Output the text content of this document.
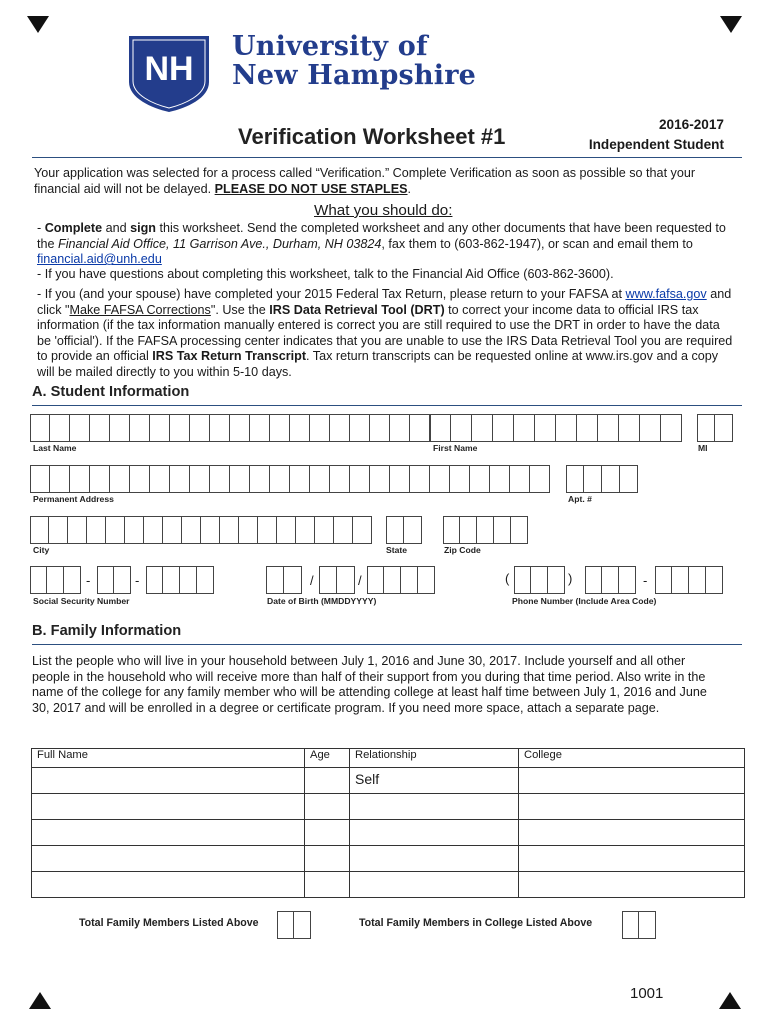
NH
University of
New Hampshire
Verification Worksheet #1	2016-2017
Independent Student
Your application was selected for a process called “Verification.” Complete Verification as soon as possible so that your financial aid will not be delayed. PLEASE DO NOT USE STAPLES.
What you should do:
- Complete and sign this worksheet. Send the completed worksheet and any other documents that have been requested to the Financial Aid Office, 11 Garrison Ave., Durham, NH 03824, fax them to (603-862-1947), or scan and email them to financial.aid@unh.edu
- If you have questions about completing this worksheet, talk to the Financial Aid Office (603-862-3600).
- If you (and your spouse) have completed your 2015 Federal Tax Return, please return to your FAFSA at www.fafsa.gov and click "Make FAFSA Corrections". Use the IRS Data Retrieval Tool (DRT) to correct your income data to official IRS tax information (if the tax information manually entered is correct you are still required to use the DRT in order to have the data be 'official'). If the FAFSA processing center indicates that you are unable to use the IRS Data Retrieval Tool you are required to provide an official IRS Tax Return Transcript. Tax return transcripts can be requested online at www.irs.gov and a copy will be mailed directly to you within 5-10 days.
A. Student Information
Last Name	First Name	MI
Permanent Address	Apt. #
City	State	Zip Code
-	-	/	/	(	)	-
Social Security Number	Date of Birth (MMDDYYYY)	Phone Number (Include Area Code)
B. Family Information
List the people who will live in your household between July 1, 2016 and June 30, 2017. Include yourself and all other people in the household who will receive more than half of their support from you during that time period. Also write in the name of the college for any family member who will be attending college at least half time between July 1, 2016 and June 30, 2017 and will be enrolled in a degree or certificate program. If you need more space, attach a separate page.
Full Name	Age	Relationship	College
		Self	

Total Family Members Listed Above	Total Family Members in College Listed Above
1001
